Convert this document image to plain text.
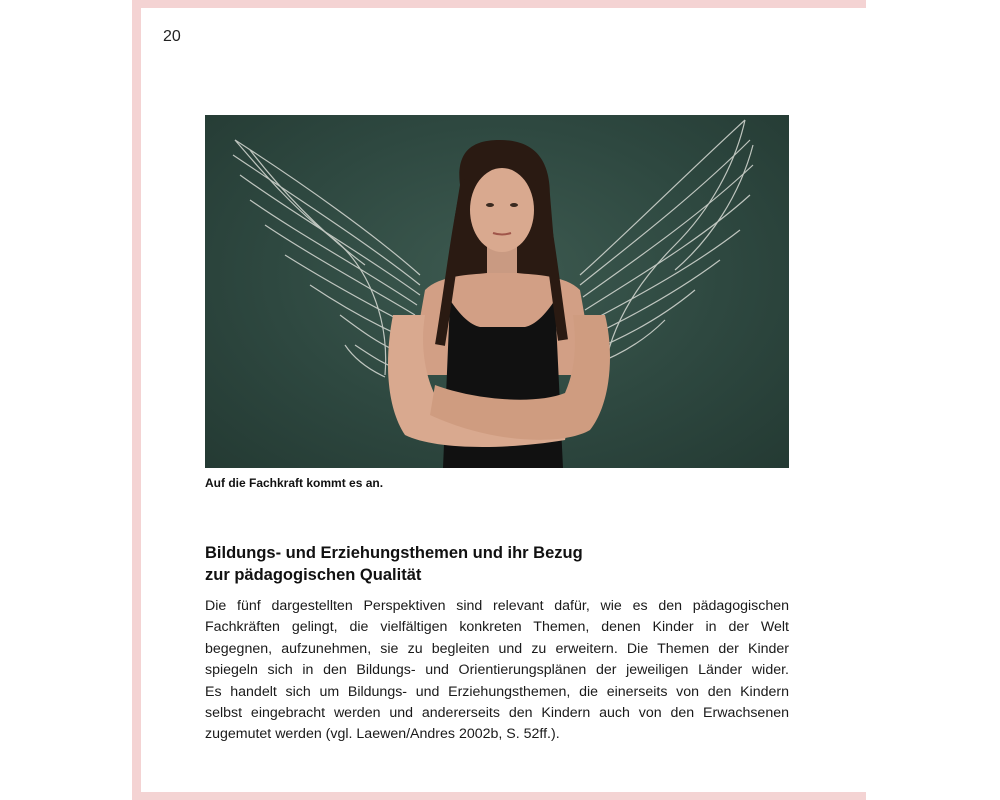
20
Auf die Fachkraft kommt es an.
Bildungs- und Erziehungsthemen und ihr Bezug
zur pädagogischen Qualität
Die fünf dargestellten Perspektiven sind relevant dafür, wie es den pädagogischen
Fachkräften gelingt, die vielfältigen konkreten Themen, denen Kinder in der Welt
begegnen, aufzunehmen, sie zu begleiten und zu erweitern. Die Themen der Kinder
spiegeln sich in den Bildungs- und Orientierungsplänen der jeweiligen Länder wider.
Es handelt sich um Bildungs- und Erziehungsthemen, die einerseits von den Kindern
selbst eingebracht werden und andererseits den Kindern auch von den Erwachsenen
zugemutet werden (vgl. Laewen/Andres 2002b, S. 52ff.).
